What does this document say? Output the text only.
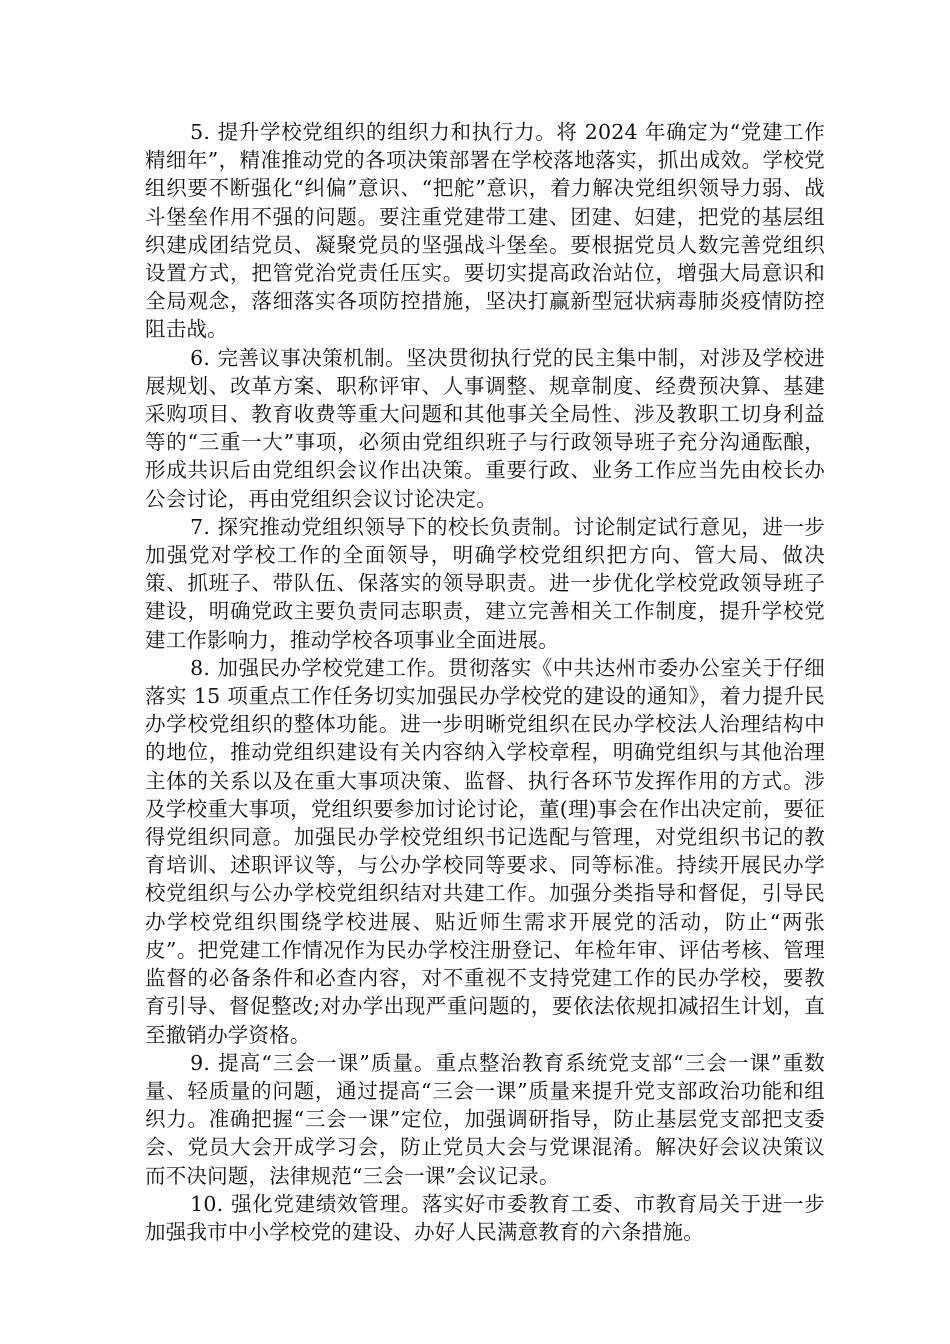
5. 提升学校党组织的组织力和执行力。将 2024 年确定为“党建工作精细年”，精准推动党的各项决策部署在学校落地落实，抓出成效。学校党组织要不断强化“纠偏”意识、“把舵”意识，着力解决党组织领导力弱、战斗堡垒作用不强的问题。要注重党建带工建、团建、妇建，把党的基层组织建成团结党员、凝聚党员的坚强战斗堡垒。要根据党员人数完善党组织设置方式，把管党治党责任压实。要切实提高政治站位，增强大局意识和全局观念，落细落实各项防控措施，坚决打赢新型冠状病毒肺炎疫情防控阻击战。

6. 完善议事决策机制。坚决贯彻执行党的民主集中制，对涉及学校进展规划、改革方案、职称评审、人事调整、规章制度、经费预决算、基建采购项目、教育收费等重大问题和其他事关全局性、涉及教职工切身利益等的“三重一大”事项，必须由党组织班子与行政领导班子充分沟通酝酿，形成共识后由党组织会议作出决策。重要行政、业务工作应当先由校长办公会讨论，再由党组织会议讨论决定。

7. 探究推动党组织领导下的校长负责制。讨论制定试行意见，进一步加强党对学校工作的全面领导，明确学校党组织把方向、管大局、做决策、抓班子、带队伍、保落实的领导职责。进一步优化学校党政领导班子建设，明确党政主要负责同志职责，建立完善相关工作制度，提升学校党建工作影响力，推动学校各项事业全面进展。

8. 加强民办学校党建工作。贯彻落实《中共达州市委办公室关于仔细落实 15 项重点工作任务切实加强民办学校党的建设的通知》，着力提升民办学校党组织的整体功能。进一步明晰党组织在民办学校法人治理结构中的地位，推动党组织建设有关内容纳入学校章程，明确党组织与其他治理主体的关系以及在重大事项决策、监督、执行各环节发挥作用的方式。涉及学校重大事项，党组织要参加讨论讨论，董(理)事会在作出决定前，要征得党组织同意。加强民办学校党组织书记选配与管理，对党组织书记的教育培训、述职评议等，与公办学校同等要求、同等标准。持续开展民办学校党组织与公办学校党组织结对共建工作。加强分类指导和督促，引导民办学校党组织围绕学校进展、贴近师生需求开展党的活动，防止“两张皮”。把党建工作情况作为民办学校注册登记、年检年审、评估考核、管理监督的必备条件和必查内容，对不重视不支持党建工作的民办学校，要教育引导、督促整改;对办学出现严重问题的，要依法依规扣减招生计划，直至撤销办学资格。

9. 提高“三会一课”质量。重点整治教育系统党支部“三会一课”重数量、轻质量的问题，通过提高“三会一课”质量来提升党支部政治功能和组织力。准确把握“三会一课”定位，加强调研指导，防止基层党支部把支委会、党员大会开成学习会，防止党员大会与党课混淆。解决好会议决策议而不决问题，法律规范“三会一课”会议记录。

10. 强化党建绩效管理。落实好市委教育工委、市教育局关于进一步加强我市中小学校党的建设、办好人民满意教育的六条措施。
